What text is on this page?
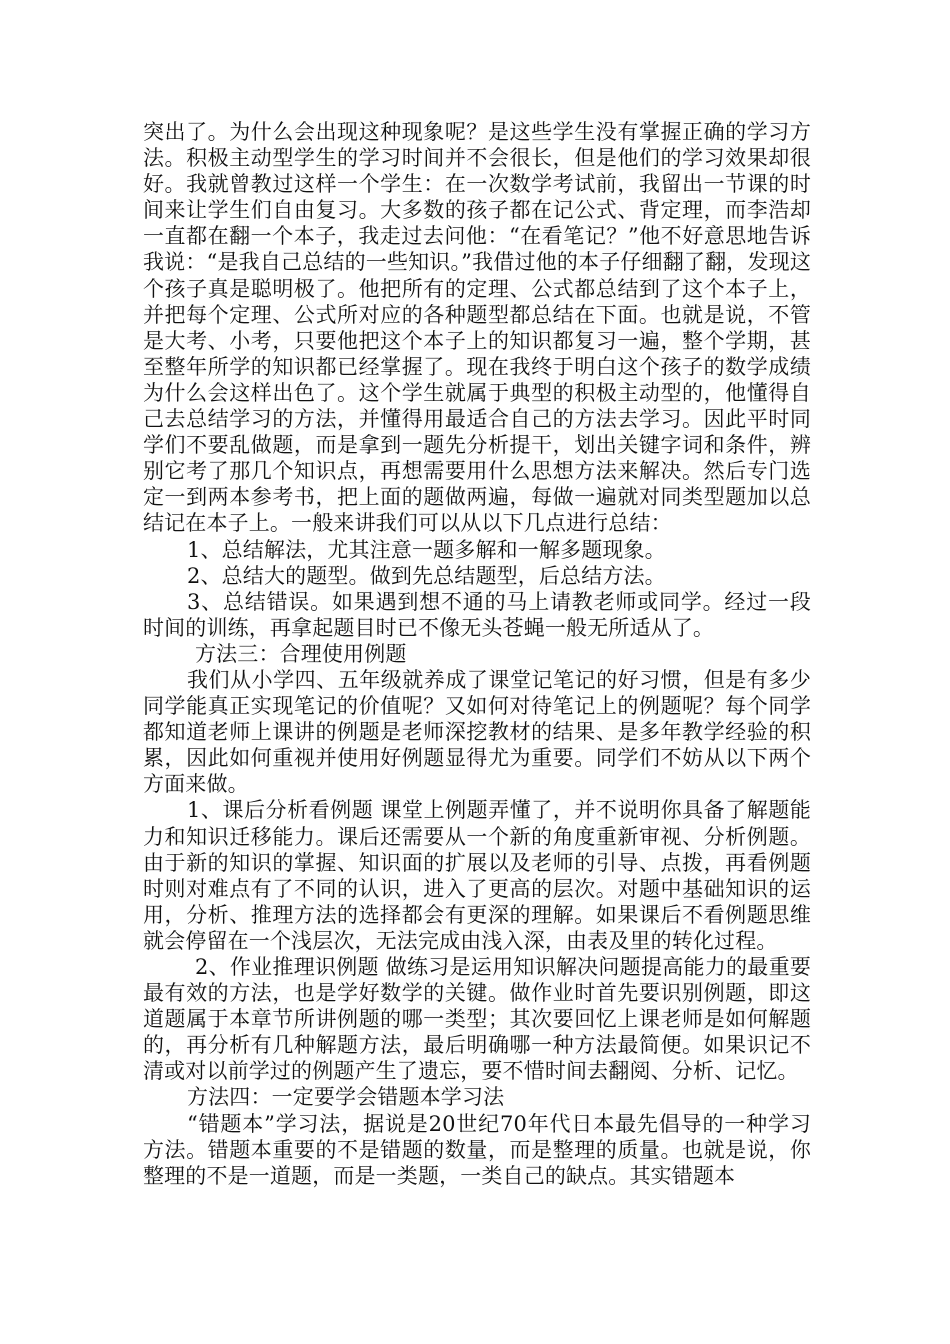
突出了。为什么会出现这种现象呢？是这些学生没有掌握正确的学习方法。积极主动型学生的学习时间并不会很长，但是他们的学习效果却很好。我就曾教过这样一个学生：在一次数学考试前，我留出一节课的时间来让学生们自由复习。大多数的孩子都在记公式、背定理，而李浩却一直都在翻一个本子，我走过去问他：“在看笔记？”他不好意思地告诉我说：“是我自己总结的一些知识。”我借过他的本子仔细翻了翻，发现这个孩子真是聪明极了。他把所有的定理、公式都总结到了这个本子上，并把每个定理、公式所对应的各种题型都总结在下面。也就是说，不管是大考、小考，只要他把这个本子上的知识都复习一遍，整个学期，甚至整年所学的知识都已经掌握了。现在我终于明白这个孩子的数学成绩为什么会这样出色了。这个学生就属于典型的积极主动型的，他懂得自己去总结学习的方法，并懂得用最适合自己的方法去学习。因此平时同学们不要乱做题，而是拿到一题先分析提干，划出关键字词和条件，辨别它考了那几个知识点，再想需要用什么思想方法来解决。然后专门选定一到两本参考书，把上面的题做两遍，每做一遍就对同类型题加以总结记在本子上。一般来讲我们可以从以下几点进行总结：

1、总结解法，尤其注意一题多解和一解多题现象。

2、总结大的题型。做到先总结题型，后总结方法。

3、总结错误。如果遇到想不通的马上请教老师或同学。经过一段时间的训练，再拿起题目时已不像无头苍蝇一般无所适从了。

方法三：合理使用例题

我们从小学四、五年级就养成了课堂记笔记的好习惯，但是有多少同学能真正实现笔记的价值呢？又如何对待笔记上的例题呢？每个同学都知道老师上课讲的例题是老师深挖教材的结果、是多年教学经验的积累，因此如何重视并使用好例题显得尤为重要。同学们不妨从以下两个方面来做。

1、课后分析看例题 课堂上例题弄懂了，并不说明你具备了解题能力和知识迁移能力。课后还需要从一个新的角度重新审视、分析例题。由于新的知识的掌握、知识面的扩展以及老师的引导、点拨，再看例题时则对难点有了不同的认识，进入了更高的层次。对题中基础知识的运用，分析、推理方法的选择都会有更深的理解。如果课后不看例题思维就会停留在一个浅层次，无法完成由浅入深，由表及里的转化过程。

2、作业推理识例题 做练习是运用知识解决问题提高能力的最重要最有效的方法，也是学好数学的关键。做作业时首先要识别例题，即这道题属于本章节所讲例题的哪一类型；其次要回忆上课老师是如何解题的，再分析有几种解题方法，最后明确哪一种方法最简便。如果识记不清或对以前学过的例题产生了遗忘，要不惜时间去翻阅、分析、记忆。

方法四：一定要学会错题本学习法

“错题本”学习法，据说是20世纪70年代日本最先倡导的一种学习方法。错题本重要的不是错题的数量，而是整理的质量。也就是说，你整理的不是一道题，而是一类题，一类自己的缺点。其实错题本
